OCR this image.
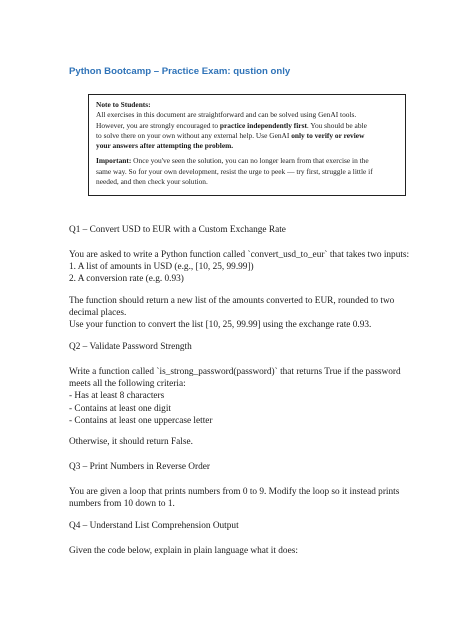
Python Bootcamp – Practice Exam: qustion only

Note to Students:

All exercises in this document are straightforward and can be solved using GenAI tools.

However, you are strongly encouraged to practice independently first. You should be able

to solve there on your own without any external help. Use GenAI only to verify or review

your answers after attempting the problem.

Important: Once you've seen the solution, you can no longer learn from that exercise in the

same way. So for your own development, resist the urge to peek — try first, struggle a little if

needed, and then check your solution.

Q1 – Convert USD to EUR with a Custom Exchange Rate

You are asked to write a Python function called `convert_usd_to_eur` that takes two inputs:

1. A list of amounts in USD (e.g., [10, 25, 99.99])

2. A conversion rate (e.g. 0.93)

The function should return a new list of the amounts converted to EUR, rounded to two

decimal places.

Use your function to convert the list [10, 25, 99.99] using the exchange rate 0.93.

Q2 – Validate Password Strength

Write a function called `is_strong_password(password)` that returns True if the password

meets all the following criteria:

- Has at least 8 characters

- Contains at least one digit

- Contains at least one uppercase letter

Otherwise, it should return False.

Q3 – Print Numbers in Reverse Order

You are given a loop that prints numbers from 0 to 9. Modify the loop so it instead prints

numbers from 10 down to 1.

Q4 – Understand List Comprehension Output

Given the code below, explain in plain language what it does:
